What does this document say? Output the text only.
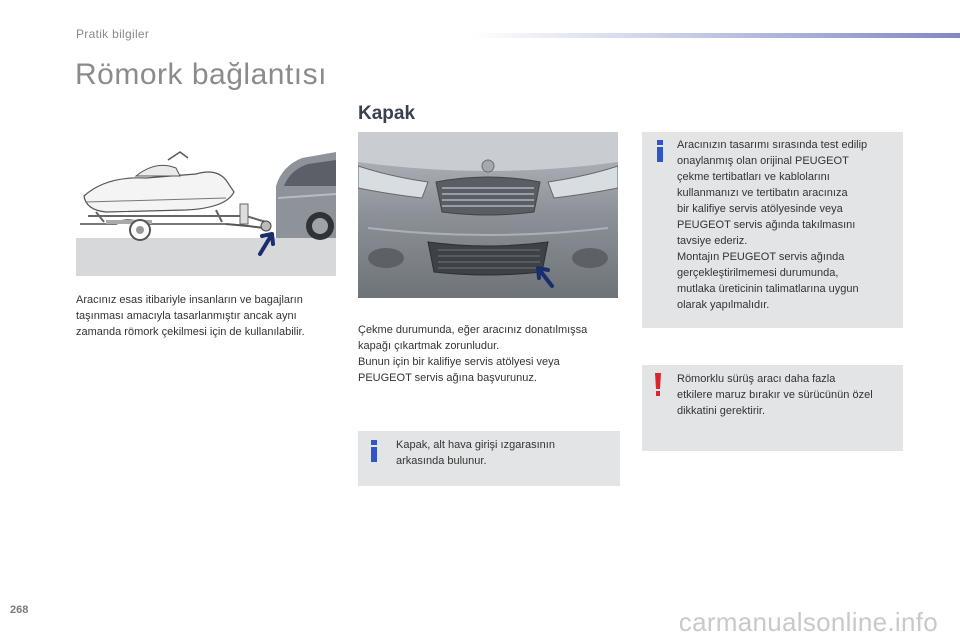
Pratik bilgiler
Römork bağlantısı

Aracınız esas itibariyle insanların ve bagajların
taşınması amacıyla tasarlanmıştır ancak aynı
zamanda römork çekilmesi için de kullanılabilir.

Kapak

Çekme durumunda, eğer aracınız donatılmışsa
kapağı çıkartmak zorunludur.
Bunun için bir kalifiye servis atölyesi veya
PEUGEOT servis ağına başvurunuz.

Kapak, alt hava girişi ızgarasının
arkasında bulunur.

Aracınızın tasarımı sırasında test edilip
onaylanmış olan orijinal PEUGEOT
çekme tertibatları ve kablolarını
kullanmanızı ve tertibatın aracınıza
bir kalifiye servis atölyesinde veya
PEUGEOT servis ağında takılmasını
tavsiye ederiz.
Montajın PEUGEOT servis ağında
gerçekleştirilmemesi durumunda,
mutlaka üreticinin talimatlarına uygun
olarak yapılmalıdır.

Römorklu sürüş aracı daha fazla
etkilere maruz bırakır ve sürücünün özel
dikkatini gerektirir.

268	carmanualsonline.info
